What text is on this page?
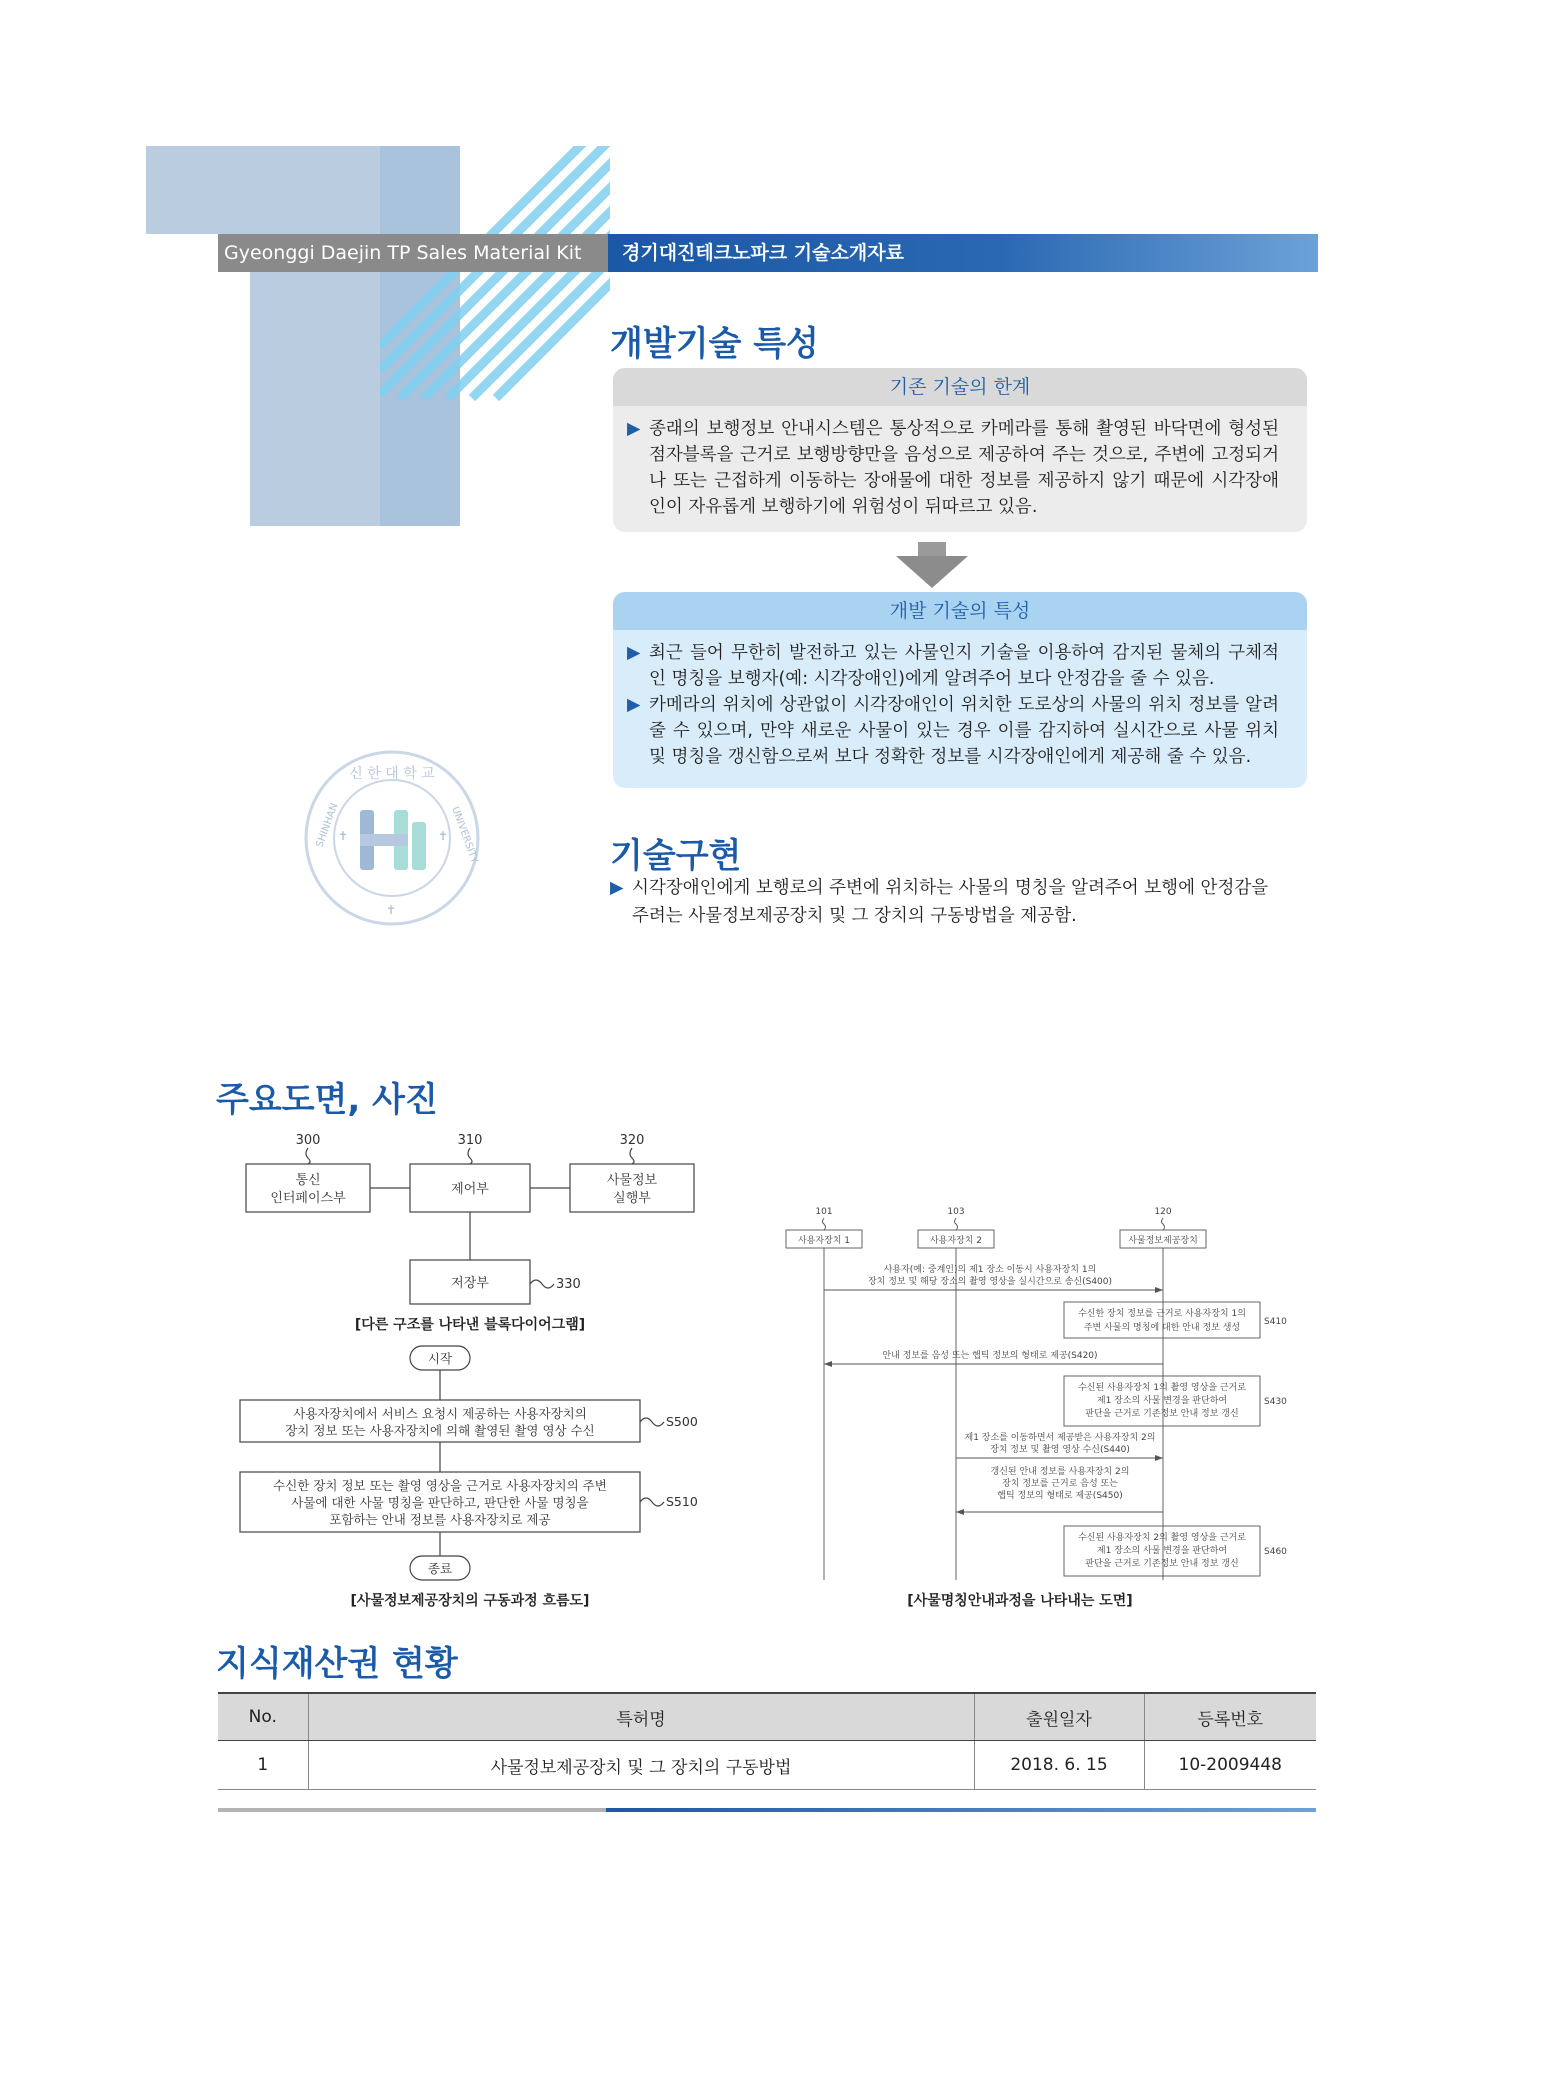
Gyeonggi Daejin TP Sales Material Kit	경기대진테크노파크 기술소개자료
개발기술 특성
기존 기술의 한계
▶ 종래의 보행정보 안내시스템은 통상적으로 카메라를 통해 촬영된 바닥면에 형성된 점자블록을 근거로 보행방향만을 음성으로 제공하여 주는 것으로, 주변에 고정되거나 또는 근접하게 이동하는 장애물에 대한 정보를 제공하지 않기 때문에 시각장애인이 자유롭게 보행하기에 위험성이 뒤따르고 있음.
개발 기술의 특성
▶ 최근 들어 무한히 발전하고 있는 사물인지 기술을 이용하여 감지된 물체의 구체적인 명칭을 보행자(예: 시각장애인)에게 알려주어 보다 안정감을 줄 수 있음.
▶ 카메라의 위치에 상관없이 시각장애인이 위치한 도로상의 사물의 위치 정보를 알려줄 수 있으며, 만약 새로운 사물이 있는 경우 이를 감지하여 실시간으로 사물 위치 및 명칭을 갱신함으로써 보다 정확한 정보를 시각장애인에게 제공해 줄 수 있음.
신 한 대 학 교
SHINHAN	UNIVERSITY
✝	✝
✝
기술구현
▶ 시각장애인에게 보행로의 주변에 위치하는 사물의 명칭을 알려주어 보행에 안정감을 주려는 사물정보제공장치 및 그 장치의 구동방법을 제공함.
주요도면, 사진
300	310	320
330
통신
인터페이스부
제어부
사물정보
실행부
저장부
[다른 구조를 나타낸 블록다이어그램]
시작
사용자장치에서 서비스 요청시 제공하는 사용자장치의
장치 정보 또는 사용자장치에 의해 촬영된 촬영 영상 수신
S500
수신한 장치 정보 또는 촬영 영상을 근거로 사용자장치의 주변
사물에 대한 사물 명칭을 판단하고, 판단한 사물 명칭을
포함하는 안내 정보를 사용자장치로 제공
S510
종료
[사물정보제공장치의 구동과정 흐름도]
101	103	120
사용자장치 1	사용자장치 2	사물정보제공장치
사용자(예: 중계인)의 제1 장소 이동시 사용자장치 1의
장치 정보 및 해당 장소의 촬영 영상을 실시간으로 송신(S400)
안내 정보를 음성 또는 햅틱 정보의 형태로 제공(S420)
제1 장소를 이동하면서 제공받은 사용자장치 2의
장치 정보 및 촬영 영상 수신(S440)
갱신된 안내 정보를 사용자장치 2의
장치 정보를 근거로 음성 또는
햅틱 정보의 형태로 제공(S450)
수신한 장치 정보를 근거로 사용자장치 1의
주변 사물의 명칭에 대한 안내 정보 생성
S410
수신된 사용자장치 1의 촬영 영상을 근거로
제1 장소의 사물 변경을 판단하여
판단을 근거로 기존정보 안내 정보 갱신
S430
수신된 사용자장치 2의 촬영 영상을 근거로
제1 장소의 사물 변경을 판단하여
판단을 근거로 기존정보 안내 정보 갱신
S460
[사물명칭안내과정을 나타내는 도면]
지식재산권 현황
No.	특허명	출원일자	등록번호
1	사물정보제공장치 및 그 장치의 구동방법	2018. 6. 15	10-2009448
